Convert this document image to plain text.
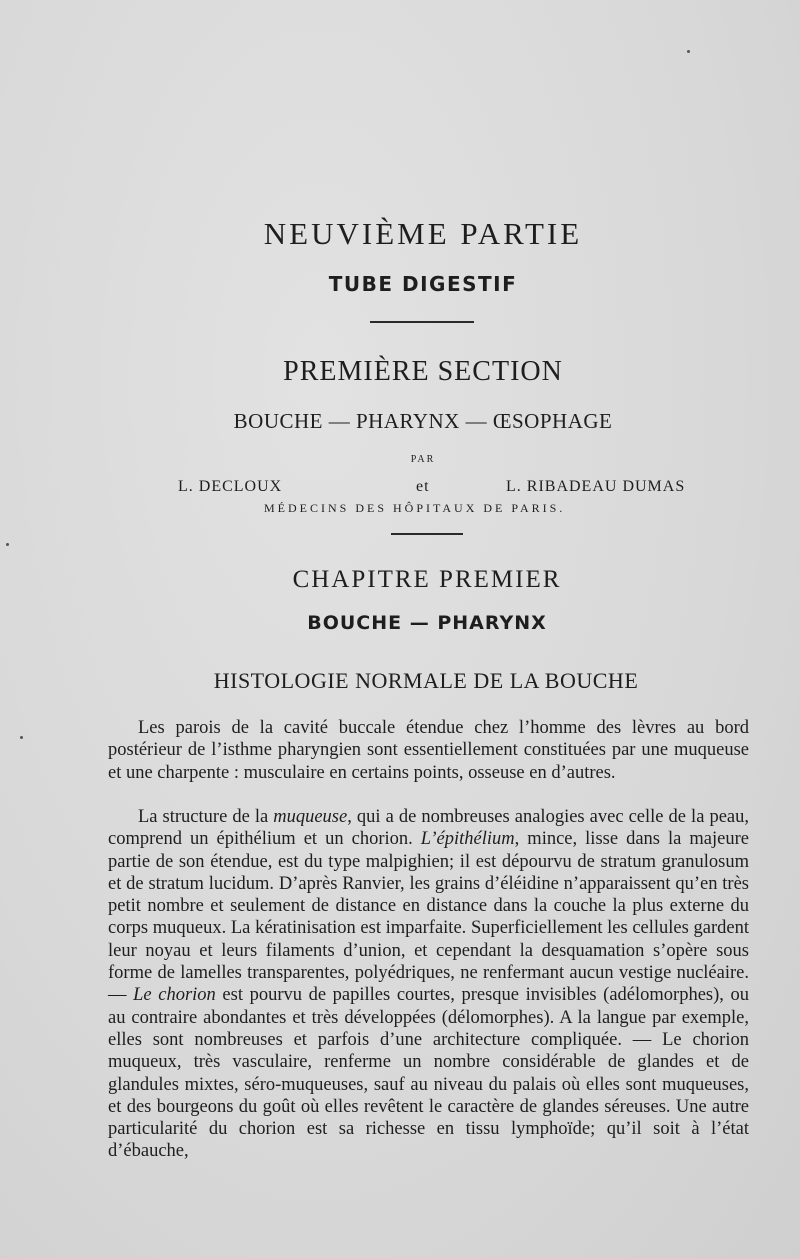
NEUVIÈME PARTIE
TUBE DIGESTIF
PREMIÈRE SECTION
BOUCHE — PHARYNX — ŒSOPHAGE
PAR
L. DECLOUX	et	L. RIBADEAU DUMAS
MÉDECINS DES HÔPITAUX DE PARIS.
CHAPITRE PREMIER
BOUCHE — PHARYNX
HISTOLOGIE NORMALE DE LA BOUCHE

Les parois de la cavité buccale étendue chez l’homme des lèvres au bord postérieur de l’isthme pharyngien sont essentiellement constituées par une muqueuse et une charpente : musculaire en certains points, osseuse en d’autres.

La structure de la muqueuse, qui a de nombreuses analogies avec celle de la peau, comprend un épithélium et un chorion. L’épithélium, mince, lisse dans la majeure partie de son étendue, est du type malpighien; il est dépourvu de stratum granulosum et de stratum lucidum. D’après Ranvier, les grains d’éléidine n’apparaissent qu’en très petit nombre et seulement de distance en distance dans la couche la plus externe du corps muqueux. La kératinisation est imparfaite. Superficiellement les cellules gardent leur noyau et leurs filaments d’union, et cependant la desquamation s’opère sous forme de lamelles transparentes, polyédriques, ne renfermant aucun vestige nucléaire. — Le chorion est pourvu de papilles courtes, presque invisibles (adélomorphes), ou au contraire abondantes et très développées (délomorphes). A la langue par exemple, elles sont nombreuses et parfois d’une architecture compliquée. — Le chorion muqueux, très vasculaire, renferme un nombre considérable de glandes et de glandules mixtes, séro-muqueuses, sauf au niveau du palais où elles sont muqueuses, et des bourgeons du goût où elles revêtent le caractère de glandes séreuses. Une autre particularité du chorion est sa richesse en tissu lymphoïde; qu’il soit à l’état d’ébauche,
